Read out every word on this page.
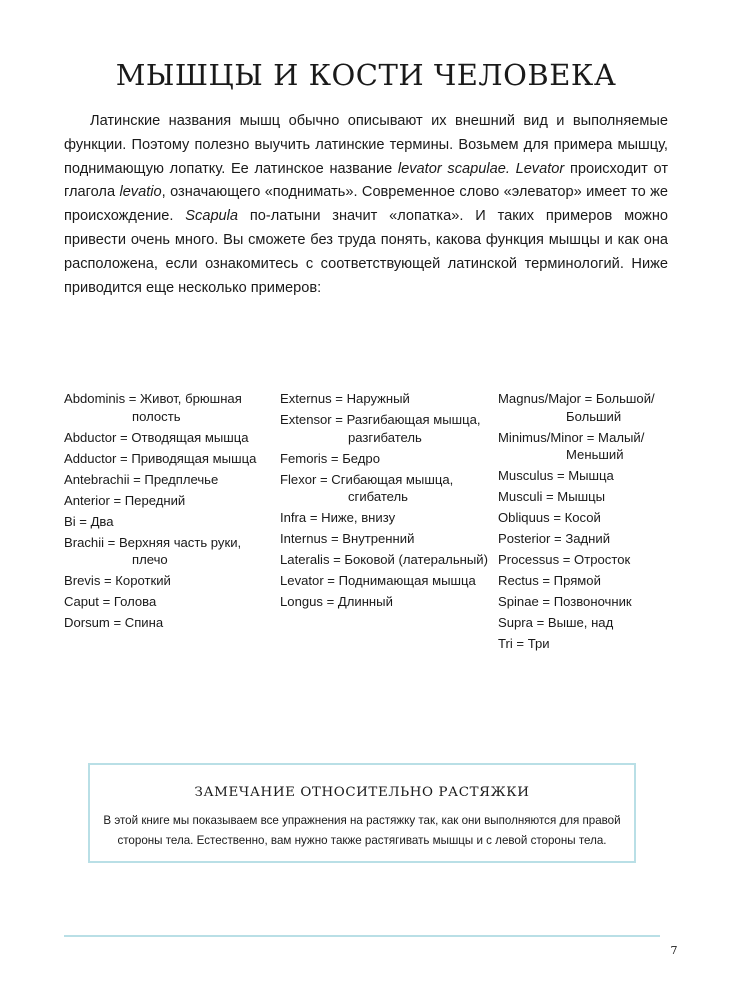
МЫШЦЫ И КОСТИ ЧЕЛОВЕКА

Латинские названия мышц обычно описывают их внешний вид и выполняемые функции. Поэтому полезно выучить латинские термины. Возьмем для примера мышцу, поднимающую лопатку. Ее латинское название levator scapulae. Levator происходит от глагола levatio, означающего «поднимать». Современное слово «элеватор» имеет то же происхождение. Scapula по-латыни значит «лопатка». И таких примеров можно привести очень много. Вы сможете без труда понять, какова функция мышцы и как она расположена, если ознакомитесь с соответствующей латинской терминологий. Ниже приводится еще несколько примеров:

Abdominis = Живот, брюшная полость
Abductor = Отводящая мышца
Adductor = Приводящая мышца
Antebrachii = Предплечье
Anterior = Передний
Bi = Два
Brachii = Верхняя часть руки, плечо
Brevis = Короткий
Caput = Голова
Dorsum = Спина
Externus = Наружный
Extensor = Разгибающая мышца, разгибатель
Femoris = Бедро
Flexor = Сгибающая мышца, сгибатель
Infra = Ниже, внизу
Internus = Внутренний
Lateralis = Боковой (латеральный)
Levator = Поднимающая мышца
Longus = Длинный
Magnus/Major = Большой/ Больший
Minimus/Minor = Малый/ Меньший
Musculus = Мышца
Musculi = Мышцы
Obliquus = Косой
Posterior = Задний
Processus = Отросток
Rectus = Прямой
Spinae = Позвоночник
Supra = Выше, над
Tri = Три
ЗАМЕЧАНИЕ ОТНОСИТЕЛЬНО РАСТЯЖКИ
В этой книге мы показываем все упражнения на растяжку так, как они выполняются для правой
стороны тела. Естественно, вам нужно также растягивать мышцы и с левой стороны тела.
7
